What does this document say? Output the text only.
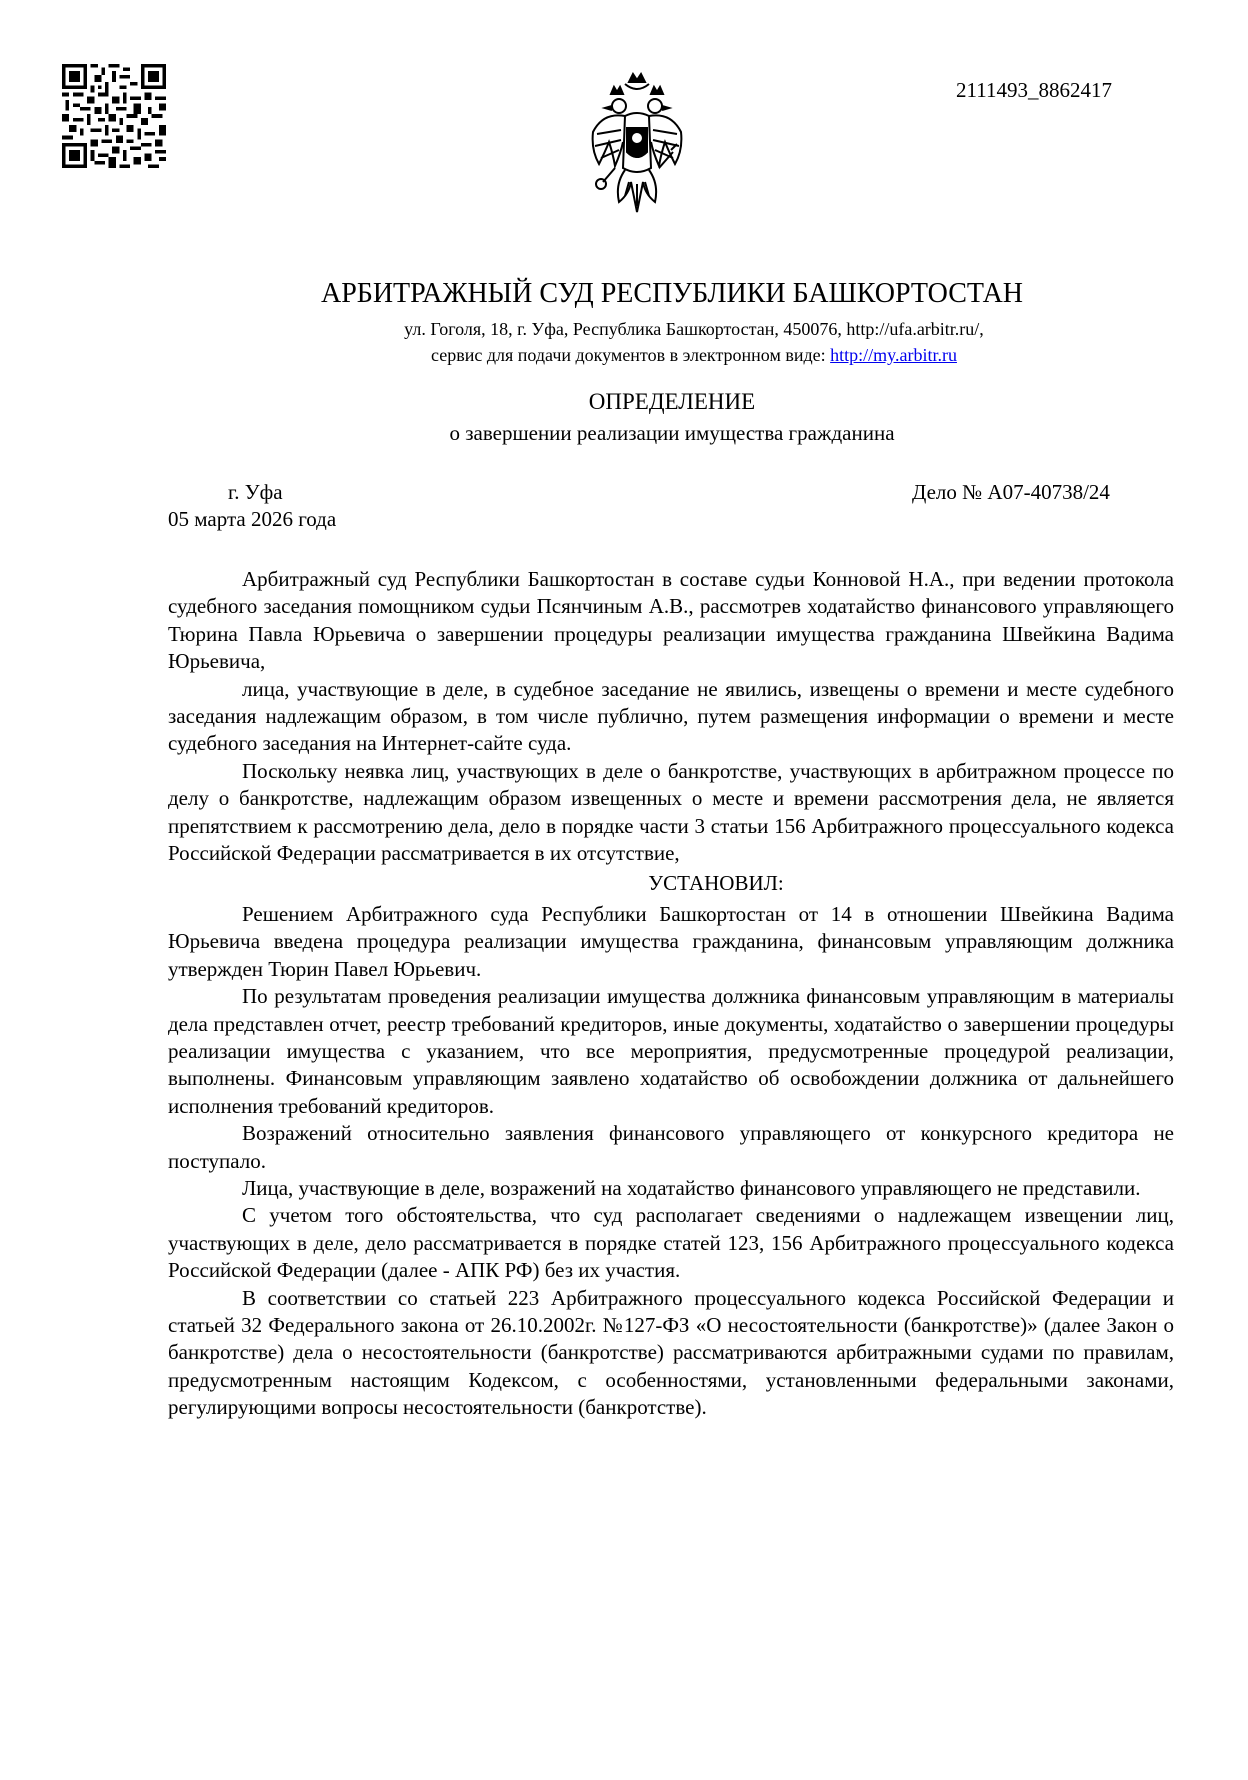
2111493_8862417
АРБИТРАЖНЫЙ СУД РЕСПУБЛИКИ БАШКОРТОСТАН
ул. Гоголя, 18, г. Уфа, Республика Башкортостан, 450076, http://ufa.arbitr.ru/,
сервис для подачи документов в электронном виде: http://my.arbitr.ru
ОПРЕДЕЛЕНИЕ
о завершении реализации имущества гражданина
г. Уфа
05 марта 2026 года
Дело № А07-40738/24

Арбитражный суд Республики Башкортостан в составе судьи Конновой Н.А., при ведении протокола судебного заседания помощником судьи Псянчиным А.В., рассмотрев ходатайство финансового управляющего Тюрина Павла Юрьевича о завершении процедуры реализации имущества гражданина Швейкина Вадима Юрьевича,

лица, участвующие в деле, в судебное заседание не явились, извещены о времени и месте судебного заседания надлежащим образом, в том числе публично, путем размещения информации о времени и месте судебного заседания на Интернет-сайте суда.

Поскольку неявка лиц, участвующих в деле о банкротстве, участвующих в арбитражном процессе по делу о банкротстве, надлежащим образом извещенных о месте и времени рассмотрения дела, не является препятствием к рассмотрению дела, дело в порядке части 3 статьи 156 Арбитражного процессуального кодекса Российской Федерации рассматривается в их отсутствие,

УСТАНОВИЛ:

Решением Арбитражного суда Республики Башкортостан от 14 в отношении Швейкина Вадима Юрьевича введена процедура реализации имущества гражданина, финансовым управляющим должника утвержден Тюрин Павел Юрьевич.

По результатам проведения реализации имущества должника финансовым управляющим в материалы дела представлен отчет, реестр требований кредиторов, иные документы, ходатайство о завершении процедуры реализации имущества с указанием, что все мероприятия, предусмотренные процедурой реализации, выполнены. Финансовым управляющим заявлено ходатайство об освобождении должника от дальнейшего исполнения требований кредиторов.

Возражений относительно заявления финансового управляющего от конкурсного кредитора не поступало.

Лица, участвующие в деле, возражений на ходатайство финансового управляющего не представили.

С учетом того обстоятельства, что суд располагает сведениями о надлежащем извещении лиц, участвующих в деле, дело рассматривается в порядке статей 123, 156 Арбитражного процессуального кодекса Российской Федерации (далее - АПК РФ) без их участия.

В соответствии со статьей 223 Арбитражного процессуального кодекса Российской Федерации и статьей 32 Федерального закона от 26.10.2002г. №127-ФЗ «О несостоятельности (банкротстве)» (далее Закон о банкротстве) дела о несостоятельности (банкротстве) рассматриваются арбитражными судами по правилам, предусмотренным настоящим Кодексом, с особенностями, установленными федеральными законами, регулирующими вопросы несостоятельности (банкротстве).
